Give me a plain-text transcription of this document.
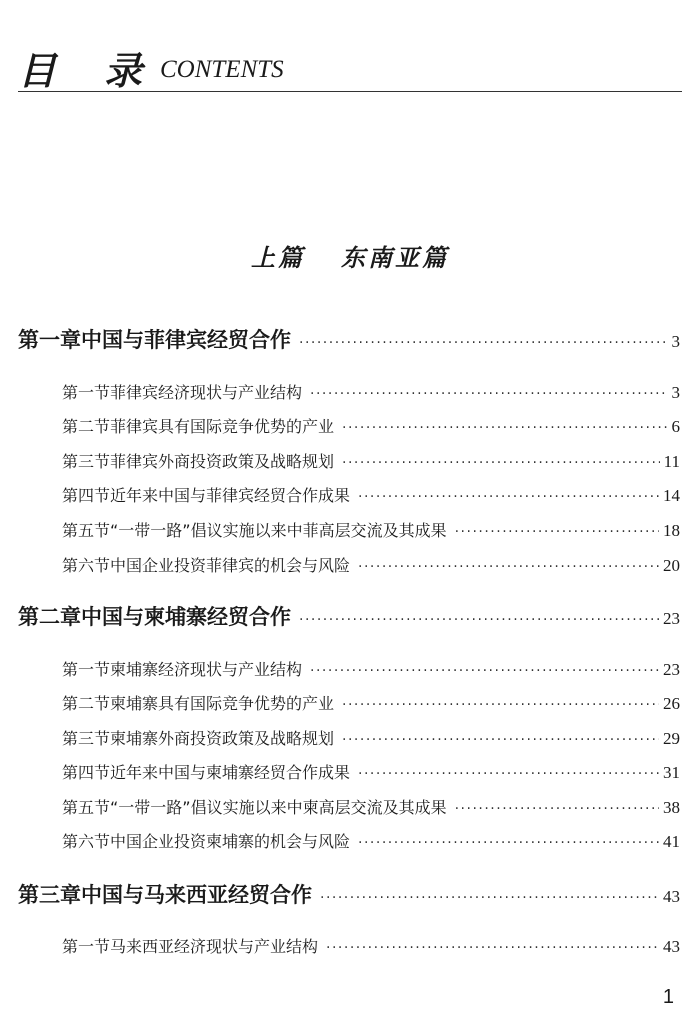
目 录 CONTENTS
上篇 东南亚篇
第一章 中国与菲律宾经贸合作 ·····	3
第一节 菲律宾经济现状与产业结构 ·····	3
第二节 菲律宾具有国际竞争优势的产业 ·····	6
第三节 菲律宾外商投资政策及战略规划 ·····	11
第四节 近年来中国与菲律宾经贸合作成果 ·····	14
第五节 “一带一路”倡议实施以来中菲高层交流及其成果 ·····	18
第六节 中国企业投资菲律宾的机会与风险 ·····	20
第二章 中国与柬埔寨经贸合作 ·····	23
第一节 柬埔寨经济现状与产业结构 ·····	23
第二节 柬埔寨具有国际竞争优势的产业 ·····	26
第三节 柬埔寨外商投资政策及战略规划 ·····	29
第四节 近年来中国与柬埔寨经贸合作成果 ·····	31
第五节 “一带一路”倡议实施以来中柬高层交流及其成果 ·····	38
第六节 中国企业投资柬埔寨的机会与风险 ·····	41
第三章 中国与马来西亚经贸合作 ·····	43
第一节 马来西亚经济现状与产业结构 ·····	43
1
